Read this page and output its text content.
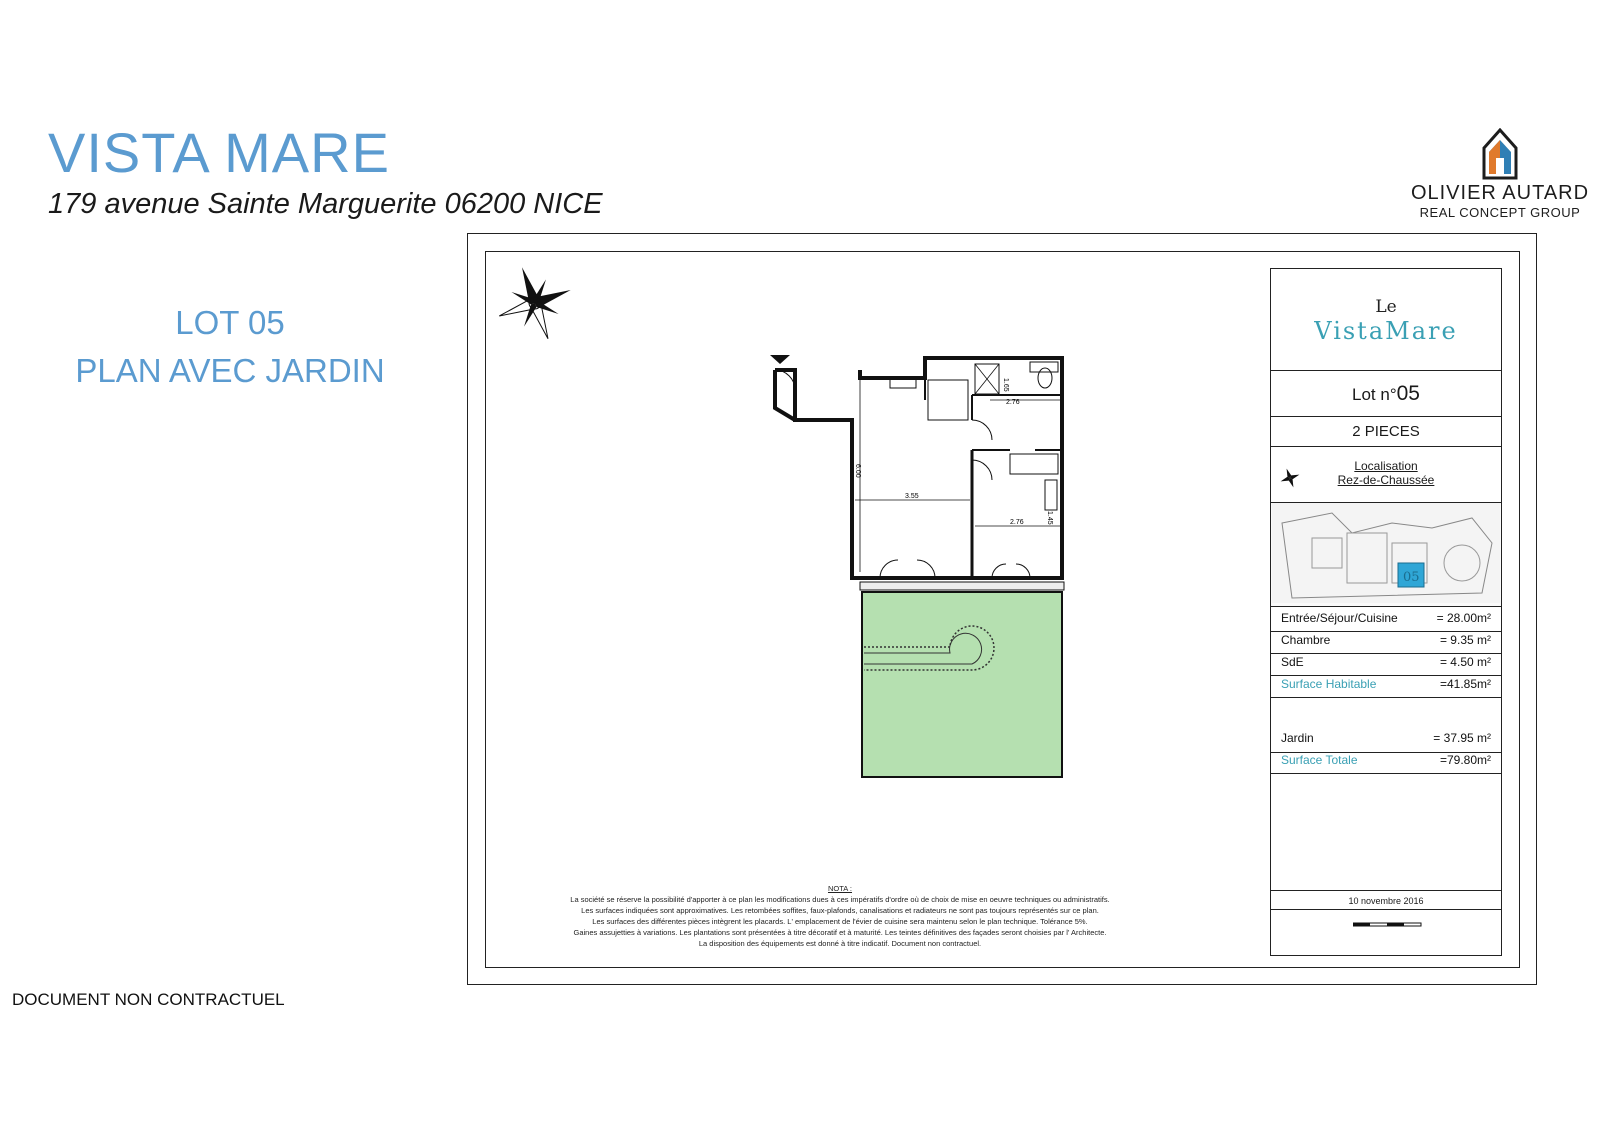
VISTA MARE
179 avenue Sainte Marguerite 06200 NICE
LOT 05
PLAN AVEC JARDIN
OLIVIER AUTARD
REAL CONCEPT GROUP
2.76
1.65
6.00
3.55
2.76	1.45
NOTA :
La société se réserve la possibilité d'apporter à ce plan les modifications dues à ces impératifs d'ordre où de choix de mise en oeuvre techniques ou administratifs.
Les surfaces indiquées sont approximatives. Les retombées soffites, faux-plafonds, canalisations et radiateurs ne sont pas toujours représentés sur ce plan.
Les surfaces des différentes pièces intègrent les placards. L' emplacement de l'évier de cuisine sera maintenu selon le plan technique. Tolérance 5%.
Gaines assujetties à variations. Les plantations sont présentées à titre décoratif et à maturité. Les teintes définitives des façades seront choisies par l' Architecte.
La disposition des équipements est donné à titre indicatif. Document non contractuel.
Le
VistaMare
Lot n°05
2 PIECES
Localisation
Rez-de-Chaussée
05
Entrée/Séjour/Cuisine	= 28.00m²
Chambre	= 9.35 m²
SdE	= 4.50 m²
Surface Habitable	=41.85m²
Jardin	= 37.95 m²
Surface Totale	=79.80m²
10 novembre 2016
DOCUMENT NON CONTRACTUEL
